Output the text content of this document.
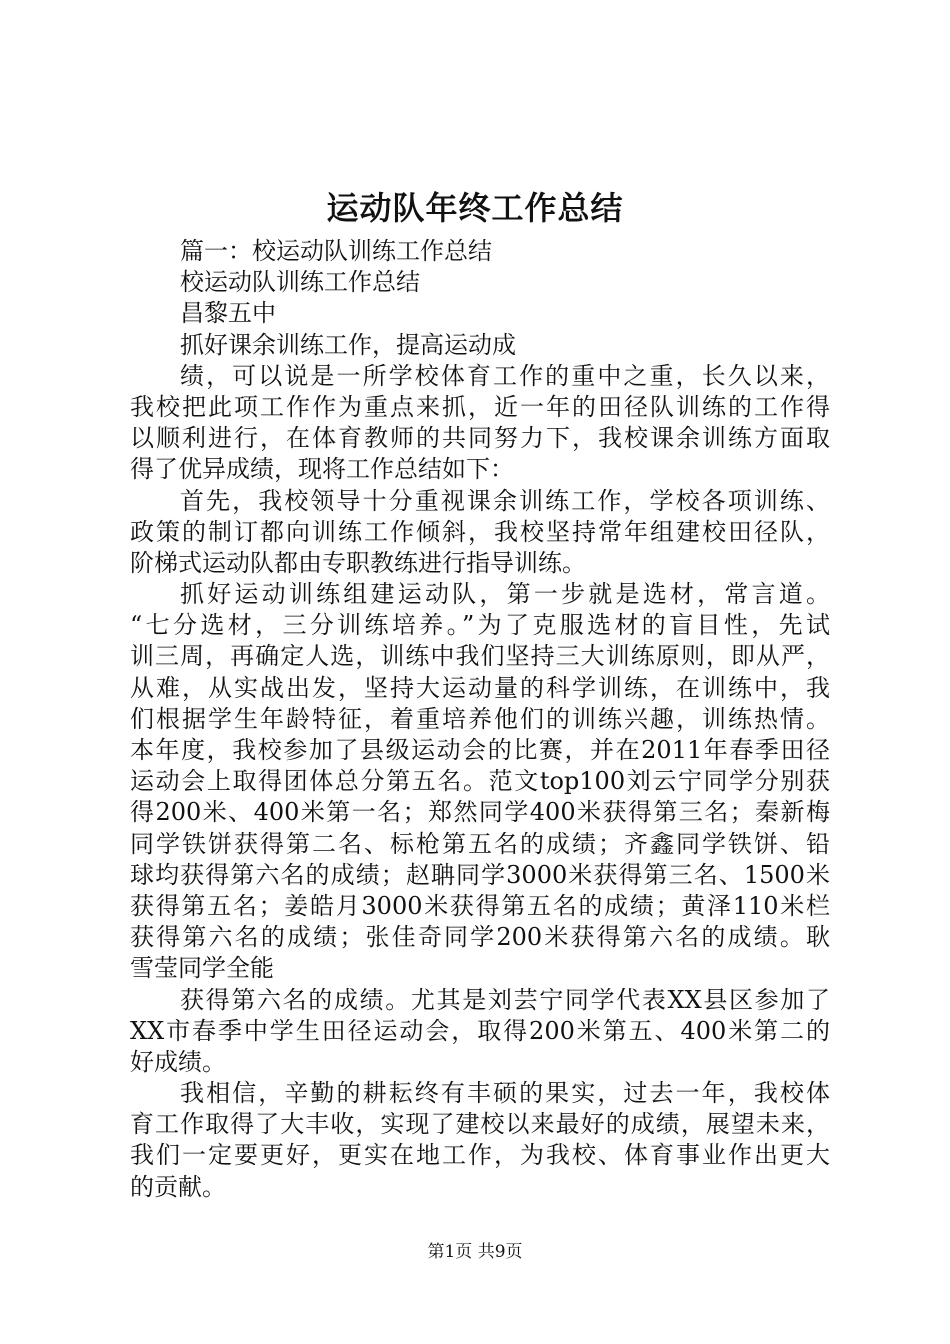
运动队年终工作总结
篇一：校运动队训练工作总结
校运动队训练工作总结
昌黎五中
抓好课余训练工作，提高运动成
绩，可以说是一所学校体育工作的重中之重，长久以来，
我校把此项工作作为重点来抓，近一年的田径队训练的工作得
以顺利进行，在体育教师的共同努力下，我校课余训练方面取
得了优异成绩，现将工作总结如下：
首先，我校领导十分重视课余训练工作，学校各项训练、
政策的制订都向训练工作倾斜，我校坚持常年组建校田径队，
阶梯式运动队都由专职教练进行指导训练。
抓好运动训练组建运动队，第一步就是选材，常言道。
“七分选材，三分训练培养。”为了克服选材的盲目性，先试
训三周，再确定人选，训练中我们坚持三大训练原则，即从严，
从难，从实战出发，坚持大运动量的科学训练，在训练中，我
们根据学生年龄特征，着重培养他们的训练兴趣，训练热情。
本年度，我校参加了县级运动会的比赛，并在2011年春季田径
运动会上取得团体总分第五名。范文top100刘云宁同学分别获
得200米、400米第一名；郑然同学400米获得第三名；秦新梅
同学铁饼获得第二名、标枪第五名的成绩；齐鑫同学铁饼、铅
球均获得第六名的成绩；赵聃同学3000米获得第三名、1500米
获得第五名；姜皓月3000米获得第五名的成绩；黄泽110米栏
获得第六名的成绩；张佳奇同学200米获得第六名的成绩。耿
雪莹同学全能
获得第六名的成绩。尤其是刘芸宁同学代表XX县区参加了
XX市春季中学生田径运动会，取得200米第五、400米第二的
好成绩。
我相信，辛勤的耕耘终有丰硕的果实，过去一年，我校体
育工作取得了大丰收，实现了建校以来最好的成绩，展望未来，
我们一定要更好，更实在地工作，为我校、体育事业作出更大
的贡献。
第1页 共9页
